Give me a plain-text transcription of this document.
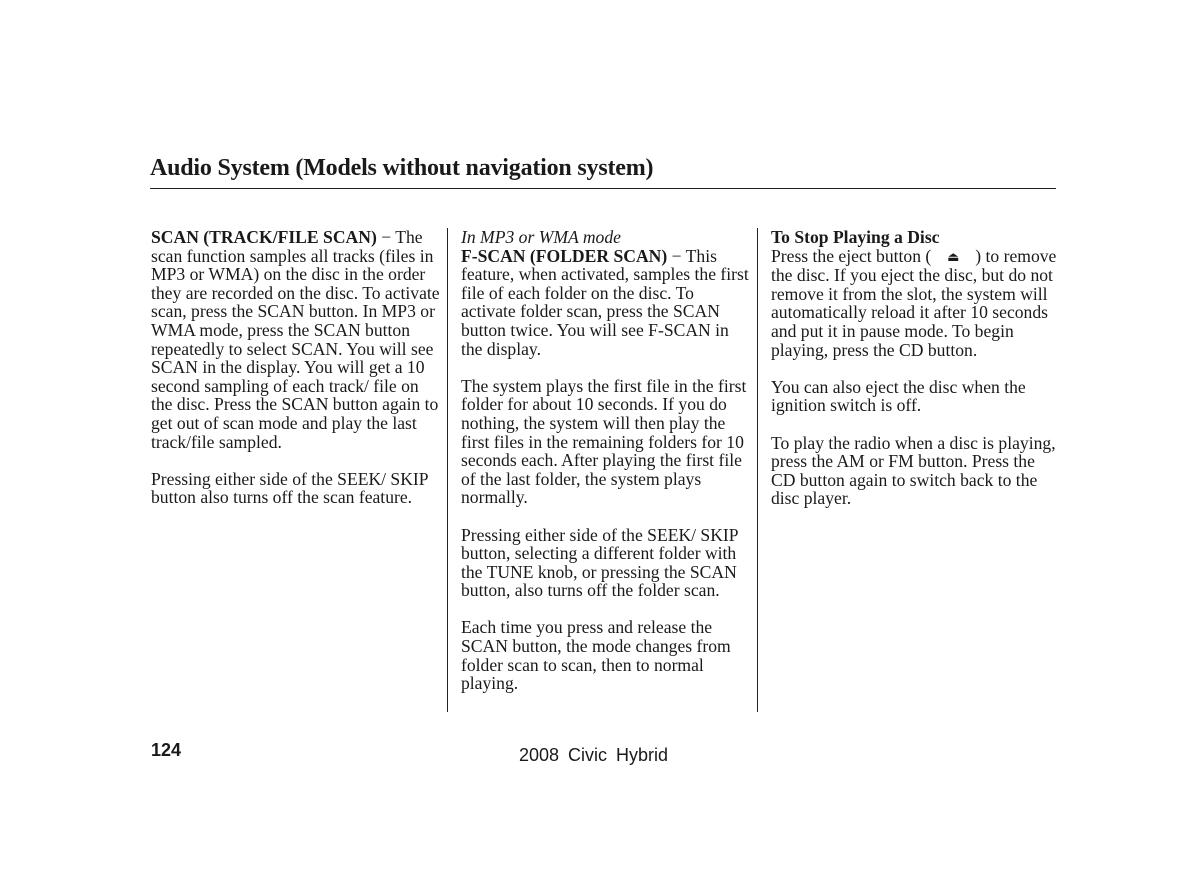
Audio System (Models without navigation system)

SCAN (TRACK/FILE SCAN) − The scan function samples all tracks (files in MP3 or WMA) on the disc in the order they are recorded on the disc. To activate scan, press the SCAN button. In MP3 or WMA mode, press the SCAN button repeatedly to select SCAN. You will see SCAN in the display. You will get a 10 second sampling of each track/ file on the disc. Press the SCAN button again to get out of scan mode and play the last track/file sampled.

Pressing either side of the SEEK/ SKIP button also turns off the scan feature.

In MP3 or WMA mode
F-SCAN (FOLDER SCAN) − This feature, when activated, samples the first file of each folder on the disc. To activate folder scan, press the SCAN button twice. You will see F-SCAN in the display.

The system plays the first file in the first folder for about 10 seconds. If you do nothing, the system will then play the first files in the remaining folders for 10 seconds each. After playing the first file of the last folder, the system plays normally.

Pressing either side of the SEEK/ SKIP button, selecting a different folder with the TUNE knob, or pressing the SCAN button, also turns off the folder scan.

Each time you press and release the SCAN button, the mode changes from folder scan to scan, then to normal playing.

To Stop Playing a Disc
Press the eject button ( ⏏ ) to remove the disc. If you eject the disc, but do not remove it from the slot, the system will automatically reload it after 10 seconds and put it in pause mode. To begin playing, press the CD button.

You can also eject the disc when the ignition switch is off.

To play the radio when a disc is playing, press the AM or FM button. Press the CD button again to switch back to the disc player.

124	2008 Civic Hybrid
